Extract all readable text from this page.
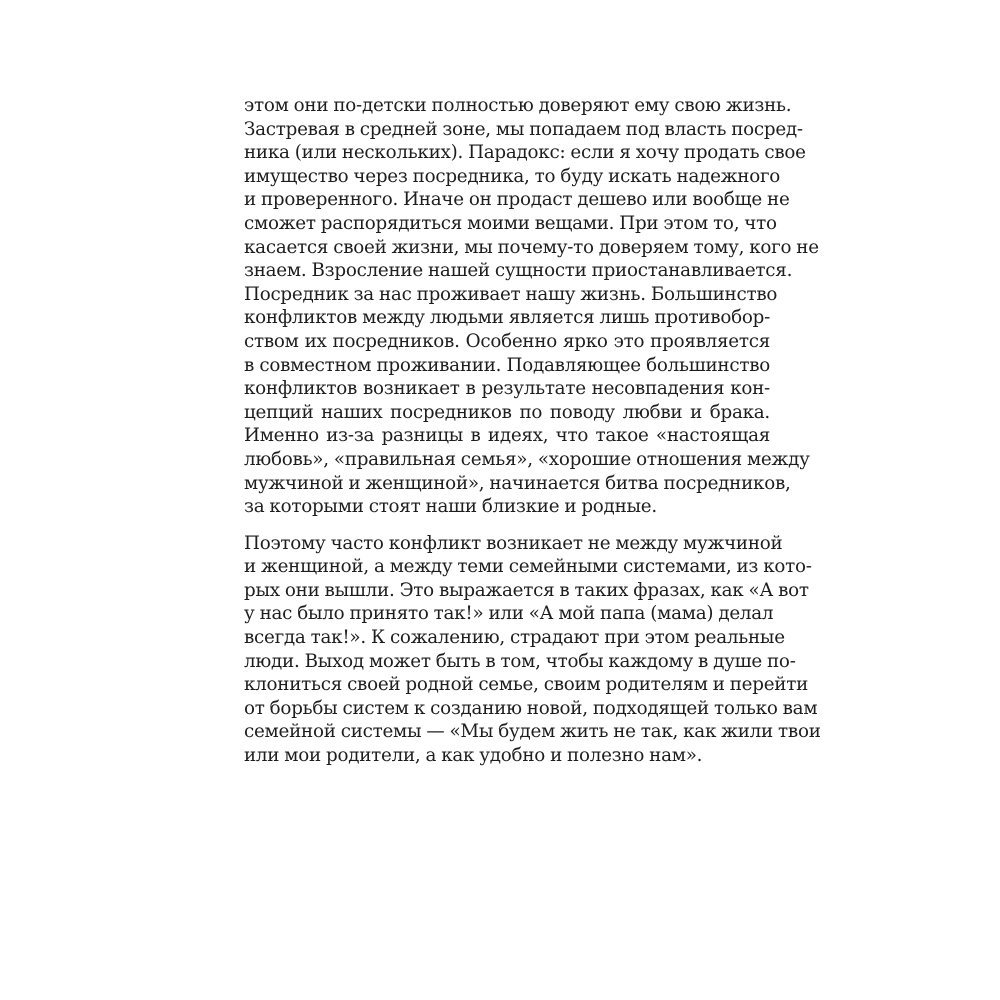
этом они по-детски полностью доверяют ему свою жизнь.
Застревая в средней зоне, мы попадаем под власть посред-
ника (или нескольких). Парадокс: если я хочу продать свое
имущество через посредника, то буду искать надежного
и проверенного. Иначе он продаст дешево или вообще не
сможет распорядиться моими вещами. При этом то, что
касается своей жизни, мы почему-то доверяем тому, кого не
знаем. Взросление нашей сущности приостанавливается.
Посредник за нас проживает нашу жизнь. Большинство
конфликтов между людьми является лишь противобор-
ством их посредников. Особенно ярко это проявляется
в совместном проживании. Подавляющее большинство
конфликтов возникает в результате несовпадения кон-
цепций наших посредников по поводу любви и брака.
Именно из-за разницы в идеях, что такое «настоящая
любовь», «правильная семья», «хорошие отношения между
мужчиной и женщиной», начинается битва посредников,
за которыми стоят наши близкие и родные.

Поэтому часто конфликт возникает не между мужчиной
и женщиной, а между теми семейными системами, из кото-
рых они вышли. Это выражается в таких фразах, как «А вот
у нас было принято так!» или «А мой папа (мама) делал
всегда так!». К сожалению, страдают при этом реальные
люди. Выход может быть в том, чтобы каждому в душе по-
клониться своей родной семье, своим родителям и перейти
от борьбы систем к созданию новой, подходящей только вам
семейной системы — «Мы будем жить не так, как жили твои
или мои родители, а как удобно и полезно нам».
